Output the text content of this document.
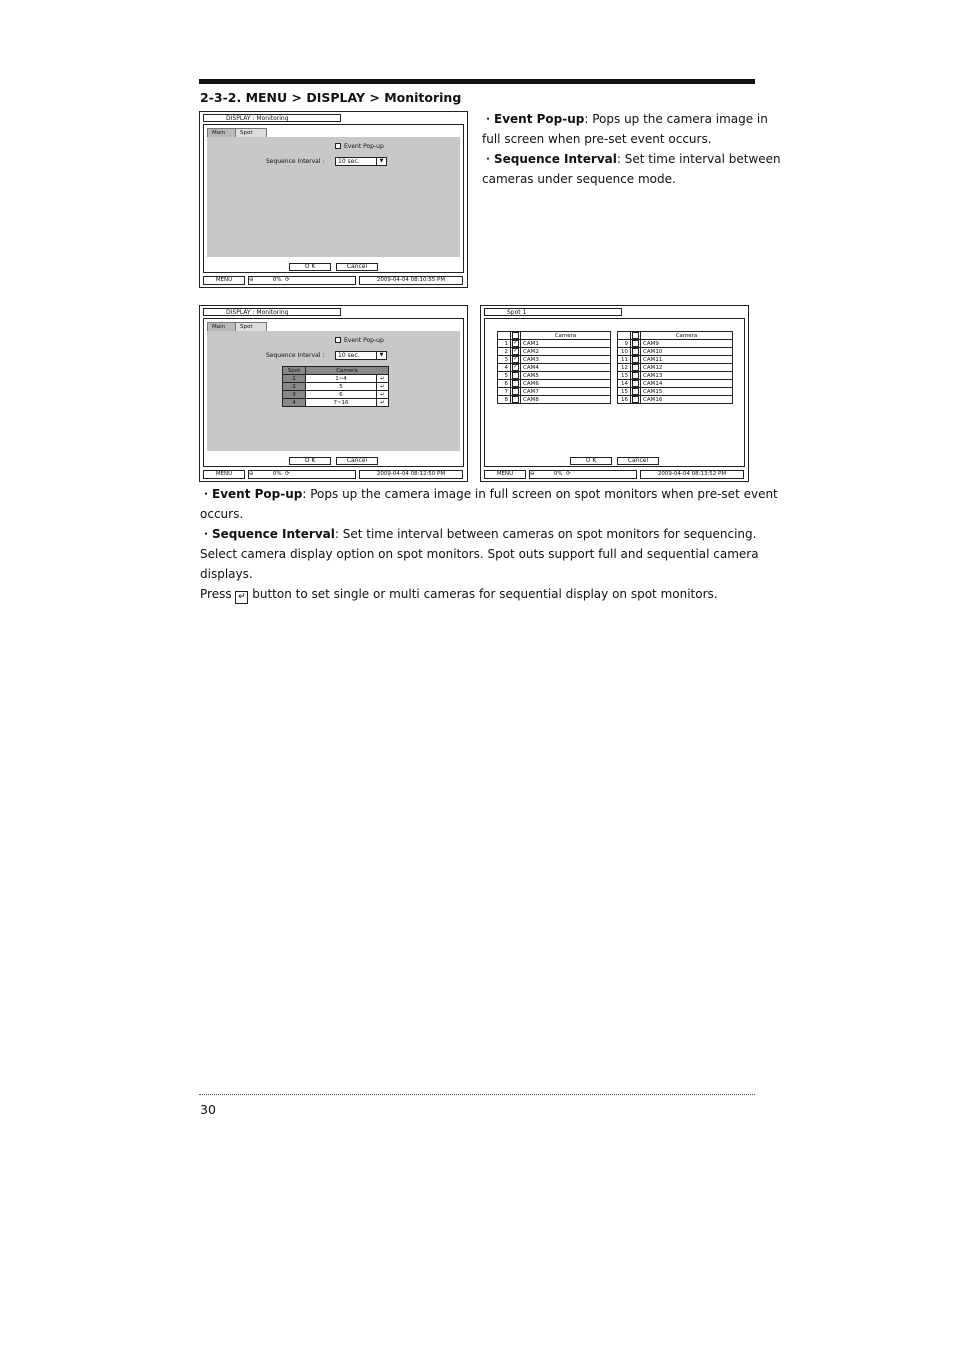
2-3-2. MENU > DISPLAY > Monitoring
DISPLAY : Monitoring
Main	Spot
Event Pop-up
Sequence Interval :	10 sec.	▼
O K	Cancel
MENU	⊖	0% ⟳	2009-04-04 08:10:55 PM
・Event Pop-up: Pops up the camera image in full screen when pre-set event occurs.
・Sequence Interval: Set time interval between cameras under sequence mode.
DISPLAY : Monitoring
Main	Spot
Event Pop-up
Sequence Interval :	10 sec.	▼
Spot	Camera	
1	1~4	↵
2	5	↵
3	6	↵
4	7~16	↵
O K	Cancel
MENU	⊖	0% ⟳	2009-04-04 08:12:50 PM
Spot 1
		Camera
1	✓	CAM1
2	✓	CAM2
3	✓	CAM3
4	✓	CAM4
5		CAM5
6		CAM6
7		CAM7
8		CAM8
		Camera
9		CAM9
10		CAM10
11		CAM11
12		CAM12
13		CAM13
14		CAM14
15		CAM15
16		CAM16
O K	Cancel
MENU	⊖	0% ⟳	2009-04-04 08:13:52 PM
・Event Pop-up: Pops up the camera image in full screen on spot monitors when pre-set event occurs.
・Sequence Interval: Set time interval between cameras on spot monitors for sequencing.
Select camera display option on spot monitors. Spot outs support full and sequential camera displays.
Press ↵ button to set single or multi cameras for sequential display on spot monitors.
30
